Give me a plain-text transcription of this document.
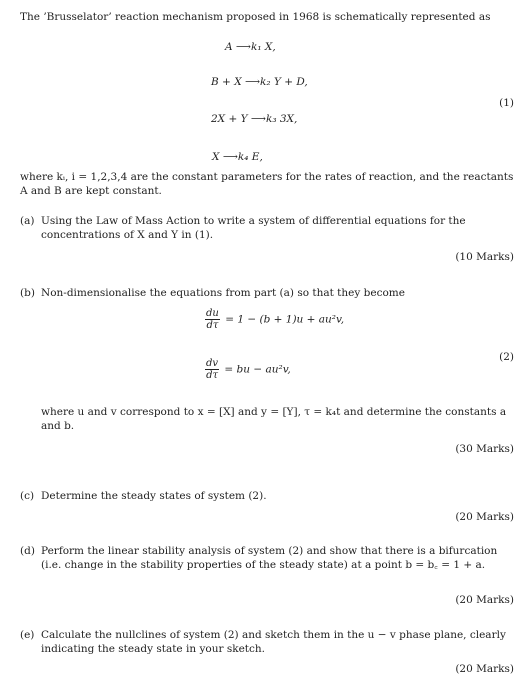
The ’Brusselator’ reaction mechanism proposed in 1968 is schematically represented as
A ⟶k₁ X,
B + X ⟶k₂ Y + D,
(1)
2X + Y ⟶k₃ 3X,
X ⟶k₄ E,
where kᵢ, i = 1,2,3,4 are the constant parameters for the rates of reaction, and the reactants A and B are kept constant.
(a) Using the Law of Mass Action to write a system of differential equations for the concentrations of X and Y in (1).
(10 Marks)
(b) Non-dimensionalise the equations from part (a) so that they become
$\frac{du}{d\tau} = 1 - (b + 1)u + au^2v$,
(2)
$\frac{dv}{d\tau}$ = bu − au²v,
where u and v correspond to x = [X] and y = [Y], τ = k₄t and determine the constants a and b.
(30 Marks)
(c) Determine the steady states of system (2).
(20 Marks)
(d) Perform the linear stability analysis of system (2) and show that there is a bifurcation (i.e. change in the stability properties of the steady state) at a point b = b꜀ = 1 + a.
(20 Marks)
(e) Calculate the nullclines of system (2) and sketch them in the u − v phase plane, clearly indicating the steady state in your sketch.
(20 Marks)
